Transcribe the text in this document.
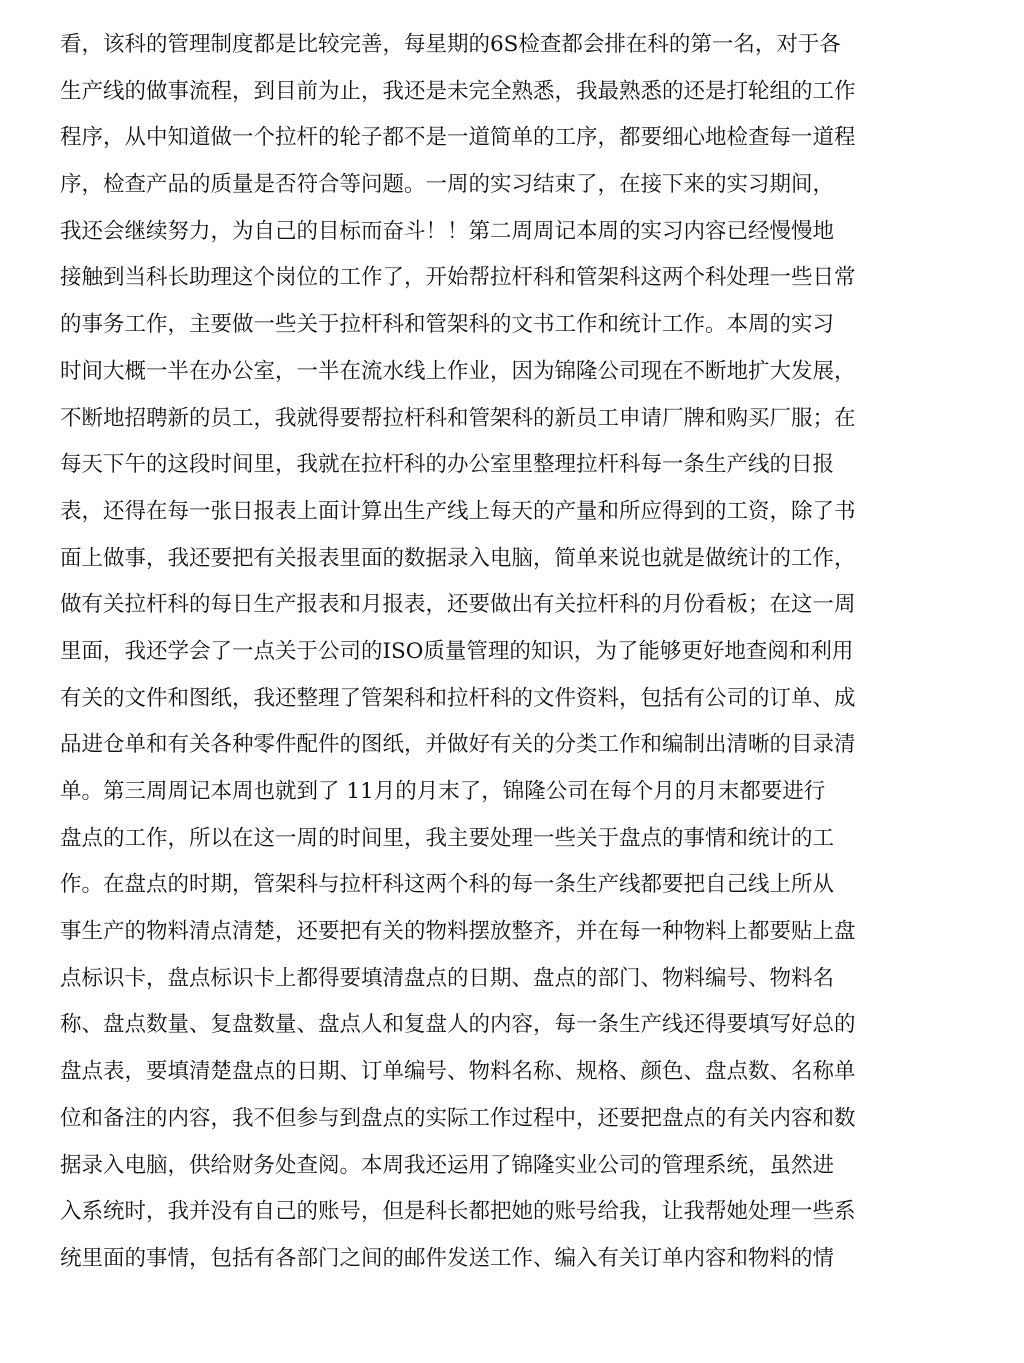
看，该科的管理制度都是比较完善，每星期的6S检查都会排在科的第一名，对于各
生产线的做事流程，到目前为止，我还是未完全熟悉，我最熟悉的还是打轮组的工作
程序，从中知道做一个拉杆的轮子都不是一道简单的工序，都要细心地检查每一道程
序，检查产品的质量是否符合等问题。一周的实习结束了，在接下来的实习期间，
我还会继续努力，为自己的目标而奋斗！！第二周周记本周的实习内容已经慢慢地
接触到当科长助理这个岗位的工作了，开始帮拉杆科和管架科这两个科处理一些日常
的事务工作，主要做一些关于拉杆科和管架科的文书工作和统计工作。本周的实习
时间大概一半在办公室，一半在流水线上作业，因为锦隆公司现在不断地扩大发展，
不断地招聘新的员工，我就得要帮拉杆科和管架科的新员工申请厂牌和购买厂服；在
每天下午的这段时间里，我就在拉杆科的办公室里整理拉杆科每一条生产线的日报
表，还得在每一张日报表上面计算出生产线上每天的产量和所应得到的工资，除了书
面上做事，我还要把有关报表里面的数据录入电脑，简单来说也就是做统计的工作，
做有关拉杆科的每日生产报表和月报表，还要做出有关拉杆科的月份看板；在这一周
里面，我还学会了一点关于公司的ISO质量管理的知识，为了能够更好地查阅和利用
有关的文件和图纸，我还整理了管架科和拉杆科的文件资料，包括有公司的订单、成
品进仓单和有关各种零件配件的图纸，并做好有关的分类工作和编制出清晰的目录清
单。第三周周记本周也就到了 11月的月末了，锦隆公司在每个月的月末都要进行
盘点的工作，所以在这一周的时间里，我主要处理一些关于盘点的事情和统计的工
作。在盘点的时期，管架科与拉杆科这两个科的每一条生产线都要把自己线上所从
事生产的物料清点清楚，还要把有关的物料摆放整齐，并在每一种物料上都要贴上盘
点标识卡，盘点标识卡上都得要填清盘点的日期、盘点的部门、物料编号、物料名
称、盘点数量、复盘数量、盘点人和复盘人的内容，每一条生产线还得要填写好总的
盘点表，要填清楚盘点的日期、订单编号、物料名称、规格、颜色、盘点数、名称单
位和备注的内容，我不但参与到盘点的实际工作过程中，还要把盘点的有关内容和数
据录入电脑，供给财务处查阅。本周我还运用了锦隆实业公司的管理系统，虽然进
入系统时，我并没有自己的账号，但是科长都把她的账号给我，让我帮她处理一些系
统里面的事情，包括有各部门之间的邮件发送工作、编入有关订单内容和物料的情
